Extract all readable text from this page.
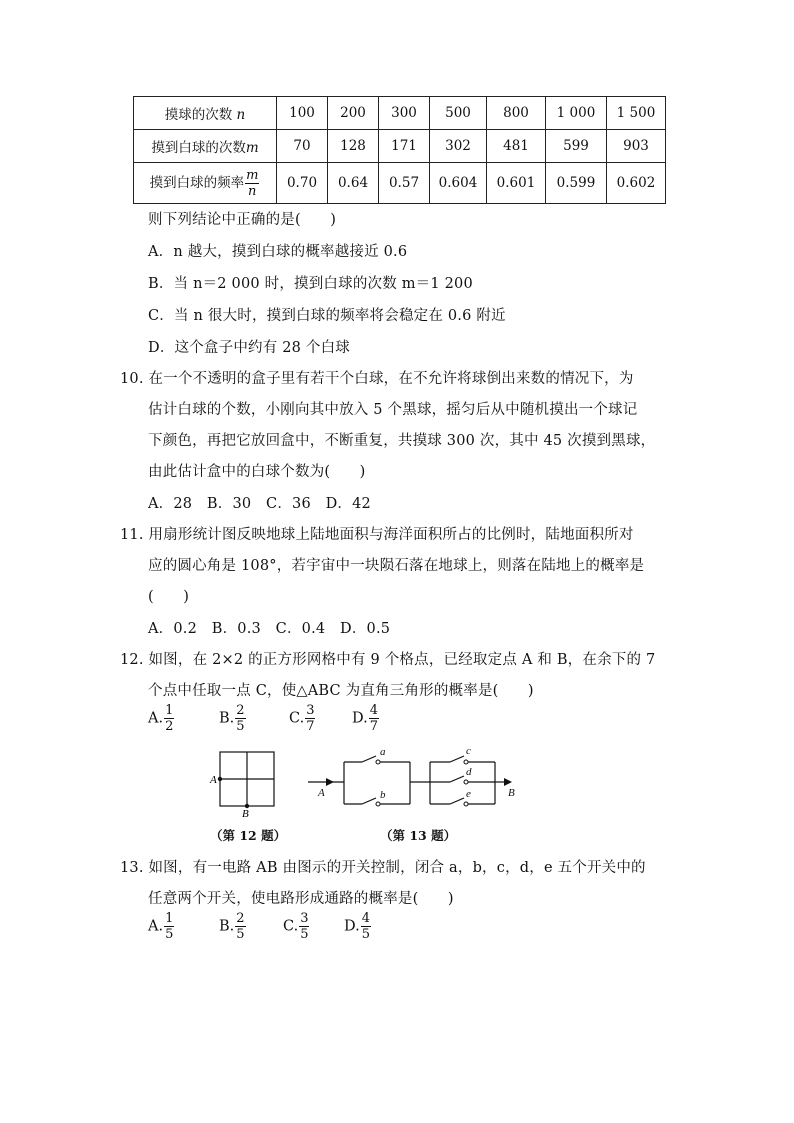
摸球的次数 n	100	200	300	500	800	1 000	1 500
摸到白球的次数m	70	128	171	302	481	599	903
摸到白球的频率 $\frac{m}{n}$	0.70	0.64	0.57	0.604	0.601	0.599	0.602
则下列结论中正确的是(　　)
A．n 越大，摸到白球的概率越接近 0.6
B．当 n＝2 000 时，摸到白球的次数 m＝1 200
C．当 n 很大时，摸到白球的频率将会稳定在 0.6 附近
D．这个盒子中约有 28 个白球
10. 在一个不透明的盒子里有若干个白球，在不允许将球倒出来数的情况下，为
估计白球的个数，小刚向其中放入 5 个黑球，摇匀后从中随机摸出一个球记
下颜色，再把它放回盒中，不断重复，共摸球 300 次，其中 45 次摸到黑球，
由此估计盒中的白球个数为(　　)
A．28　B．30　C．36　D．42
11. 用扇形统计图反映地球上陆地面积与海洋面积所占的比例时，陆地面积所对
应的圆心角是 108°，若宇宙中一块陨石落在地球上，则落在陆地上的概率是
(　　)
A．0.2　B．0.3　C．0.4　D．0.5
12. 如图，在 2×2 的正方形网格中有 9 个格点，已经取定点 A 和 B，在余下的 7
个点中任取一点 C，使△ABC 为直角三角形的概率是(　　)
A. $\frac{1}{2}$	B. $\frac{2}{5}$	C. $\frac{3}{7}$	D. $\frac{4}{7}$
A
B
（第 12 题）
a
b
c
d
e
A	B
（第 13 题）
13. 如图，有一电路 AB 由图示的开关控制，闭合 a，b，c，d，e 五个开关中的
任意两个开关，使电路形成通路的概率是(　　)
A. $\frac{1}{5}$	B. $\frac{2}{5}$	C. $\frac{3}{5} D$. $\frac{4}{5}$
